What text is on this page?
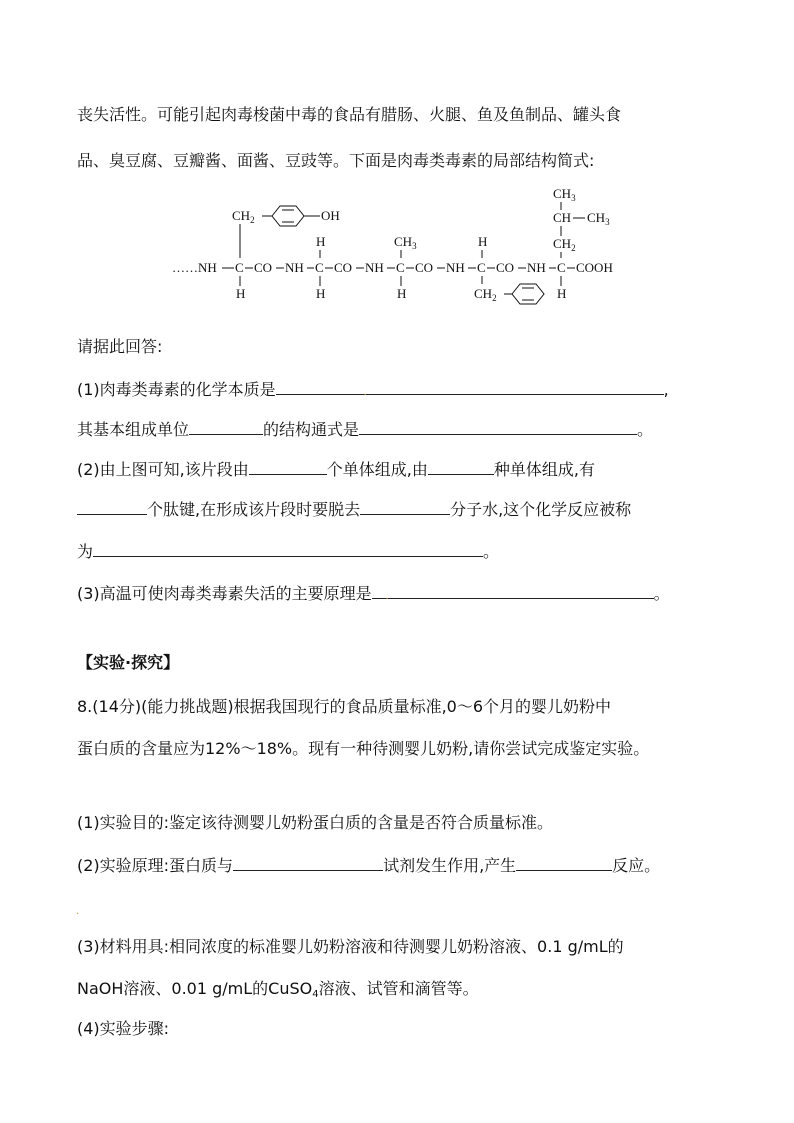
丧失活性。可能引起肉毒梭菌中毒的食品有腊肠、火腿、鱼及鱼制品、罐头食
品、臭豆腐、豆瓣酱、面酱、豆豉等。下面是肉毒类毒素的局部结构简式:
……NH C CO NH C CO NH C CO NH C CO NH C COOH
$CH_2$	OH
H
H
H
$CH_3$
H
H
$CH_2$
$CH_3$
CH $CH_3$
$CH_2$
H
请据此回答:
(1)肉毒类毒素的化学本质是	.	,
其基本组成单位	的结构通式是	。
(2)由上图可知,该片段由	个单体组成,由	种单体组成,有
个肽键,在形成该片段时要脱去	分子水,这个化学反应被称
为	。
(3)高温可使肉毒类毒素失活的主要原理是 .	。
【实验·探究】
8.(14分)(能力挑战题)根据我国现行的食品质量标准,0～6个月的婴儿奶粉中
蛋白质的含量应为12%～18%。现有一种待测婴儿奶粉,请你尝试完成鉴定实验。
(1)实验目的:鉴定该待测婴儿奶粉蛋白质的含量是否符合质量标准。
(2)实验原理:蛋白质与	试剂发生作用,产生	反应。
.
(3)材料用具:相同浓度的标准婴儿奶粉溶液和待测婴儿奶粉溶液、0.1 g/mL的
NaOH溶液、0.01 g/mL的CuSO4溶液、试管和滴管等。
(4)实验步骤:
